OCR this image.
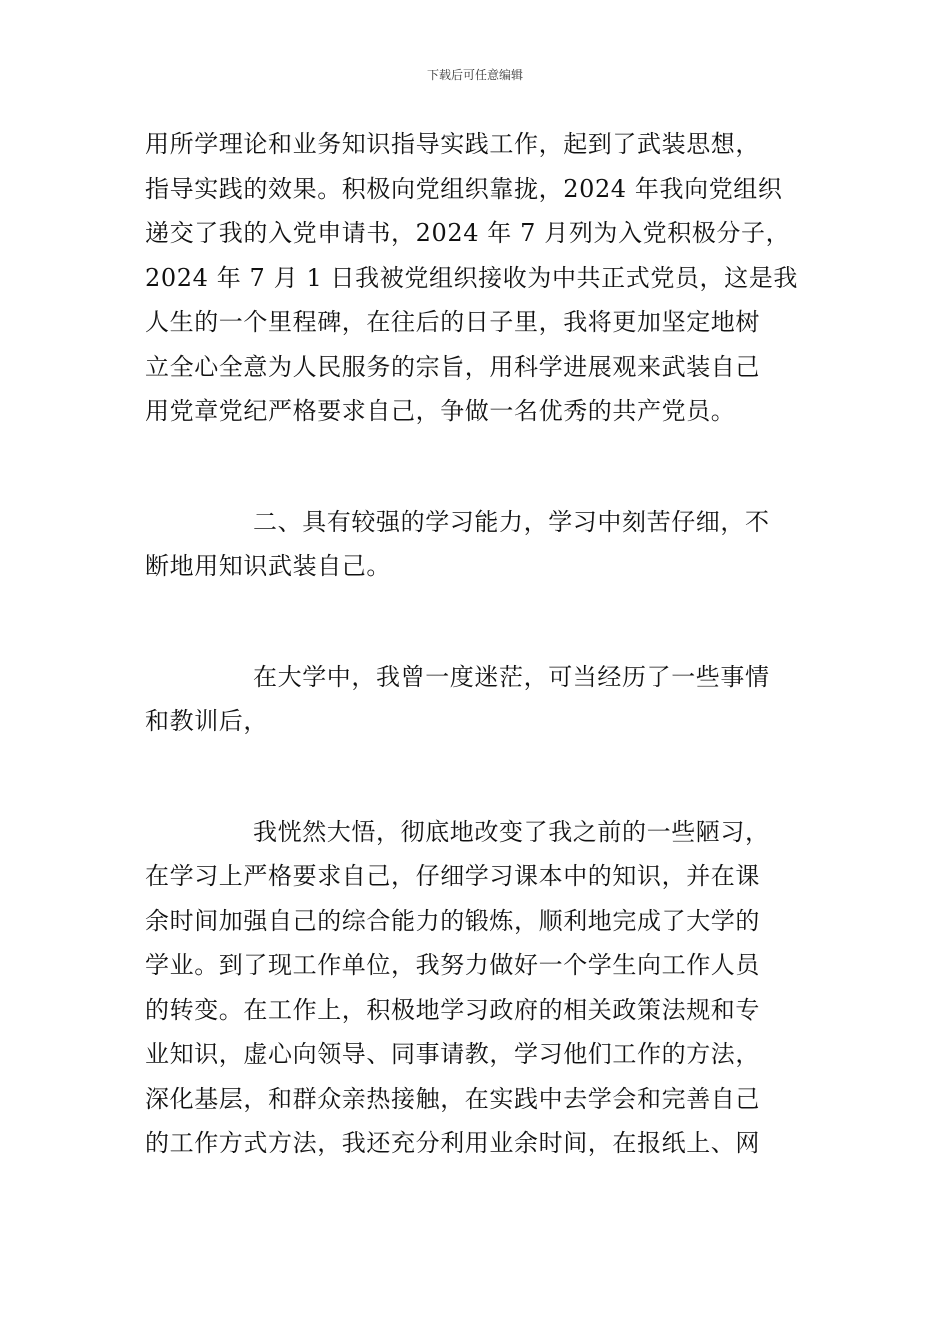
下载后可任意编辑
用所学理论和业务知识指导实践工作，起到了武装思想，
指导实践的效果。积极向党组织靠拢，2024 年我向党组织
递交了我的入党申请书，2024 年 7 月列为入党积极分子，
2024 年 7 月 1 日我被党组织接收为中共正式党员，这是我
人生的一个里程碑，在往后的日子里，我将更加坚定地树
立全心全意为人民服务的宗旨，用科学进展观来武装自己
用党章党纪严格要求自己，争做一名优秀的共产党员。
二、具有较强的学习能力，学习中刻苦仔细，不
断地用知识武装自己。
在大学中，我曾一度迷茫，可当经历了一些事情
和教训后，
我恍然大悟，彻底地改变了我之前的一些陋习，
在学习上严格要求自己，仔细学习课本中的知识，并在课
余时间加强自己的综合能力的锻炼，顺利地完成了大学的
学业。到了现工作单位，我努力做好一个学生向工作人员
的转变。在工作上，积极地学习政府的相关政策法规和专
业知识，虚心向领导、同事请教，学习他们工作的方法，
深化基层，和群众亲热接触，在实践中去学会和完善自己
的工作方式方法，我还充分利用业余时间，在报纸上、网
